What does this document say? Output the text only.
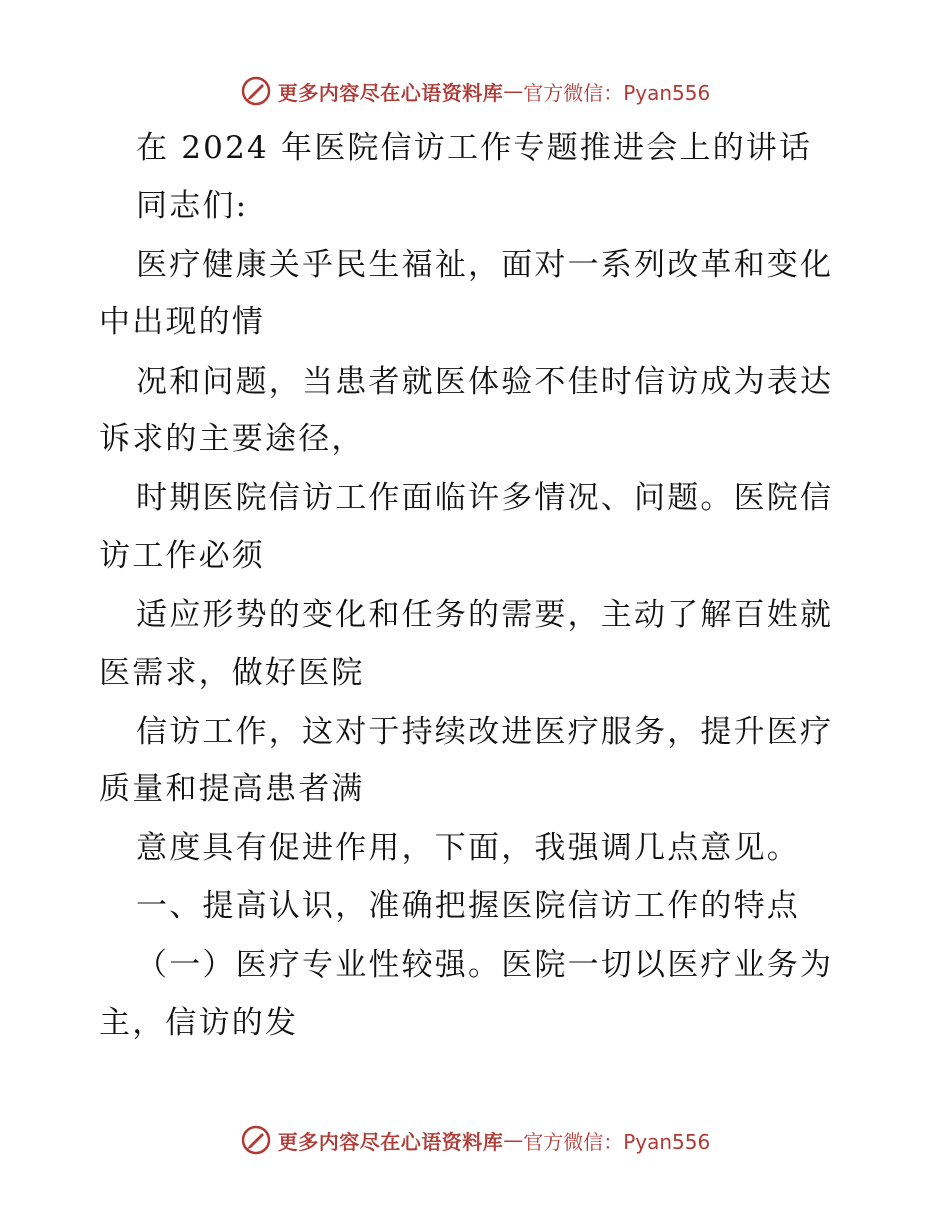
更多内容尽在心语资料库 — 官方微信：Pyan556
在 2024 年医院信访工作专题推进会上的讲话
同志们:
医疗健康关乎民生福祉，面对一系列改革和变化
中出现的情
况和问题，当患者就医体验不佳时信访成为表达
诉求的主要途径，
时期医院信访工作面临许多情况、问题。医院信
访工作必须
适应形势的变化和任务的需要，主动了解百姓就
医需求，做好医院
信访工作，这对于持续改进医疗服务，提升医疗
质量和提高患者满
意度具有促进作用，下面，我强调几点意见。
一、提高认识，准确把握医院信访工作的特点
（一）医疗专业性较强。医院一切以医疗业务为
主，信访的发
更多内容尽在心语资料库 — 官方微信：Pyan556
